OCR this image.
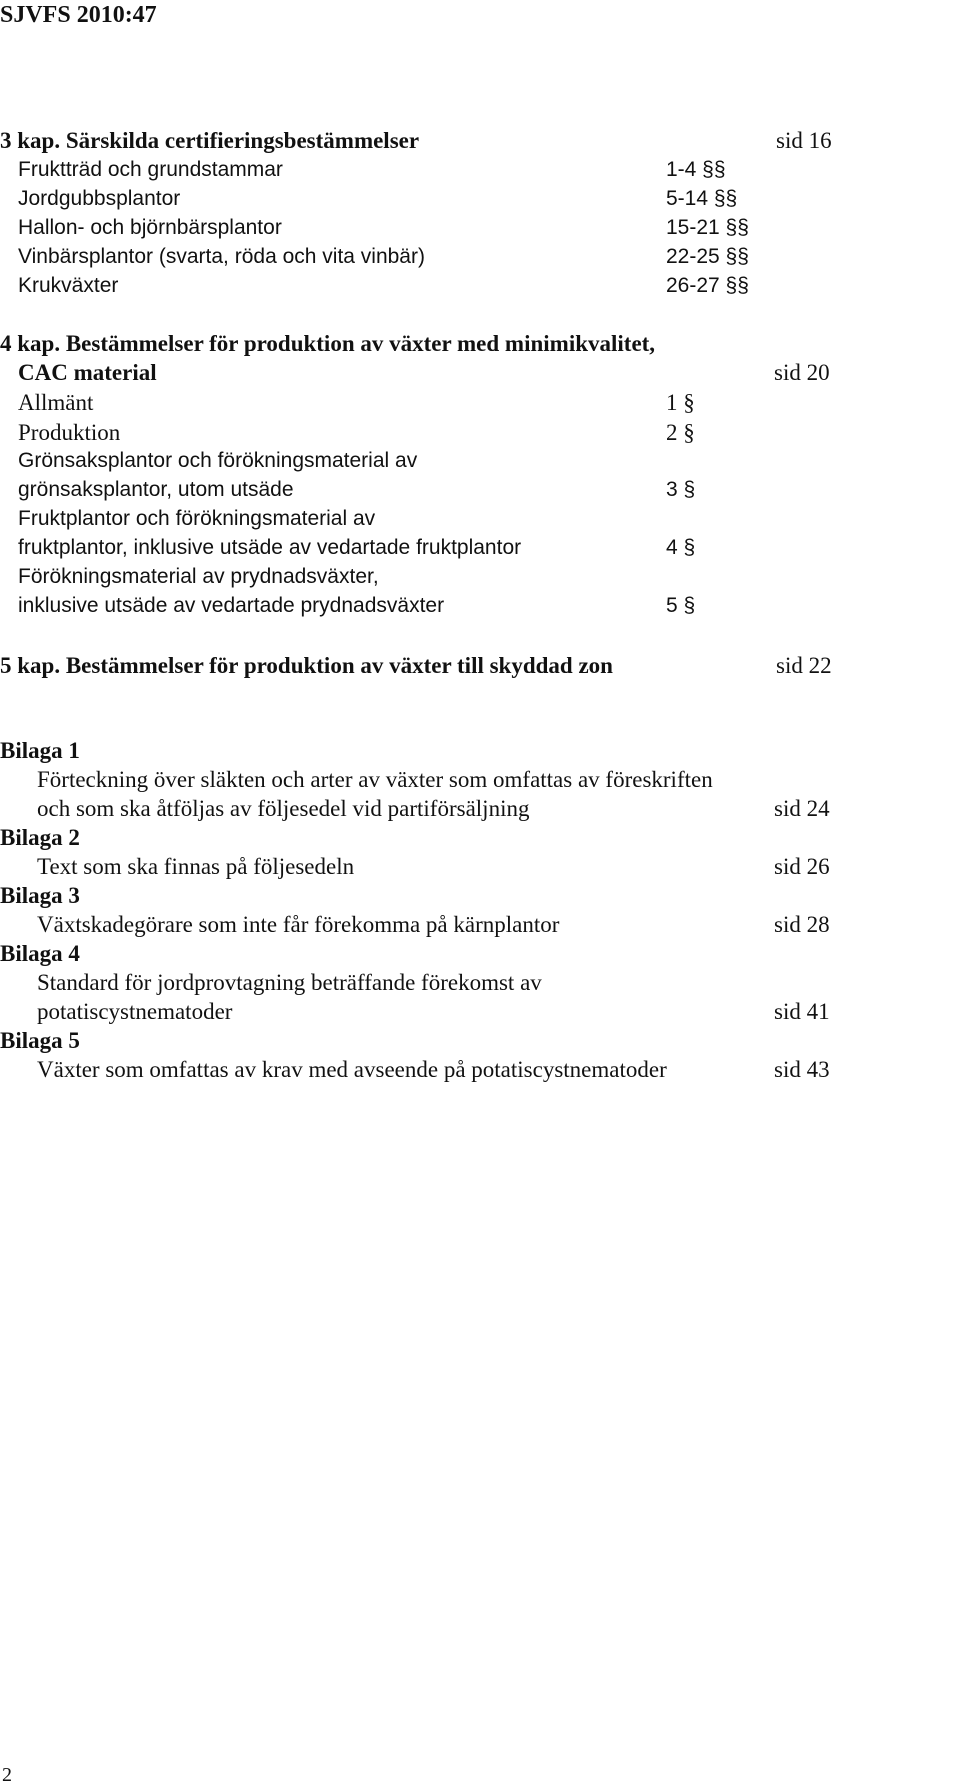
SJVFS 2010:47
3 kap. Särskilda certifieringsbestämmelser	sid 16
Fruktträd och grundstammar	1-4 §§
Jordgubbsplantor	5-14 §§
Hallon- och björnbärsplantor	15-21 §§
Vinbärsplantor (svarta, röda och vita vinbär)	22-25 §§
Krukväxter	26-27 §§
4 kap. Bestämmelser för produktion av växter med minimikvalitet,
CAC material	sid 20
Allmänt	1 §
Produktion	2 §
Grönsaksplantor och förökningsmaterial av
grönsaksplantor, utom utsäde	3 §
Fruktplantor och förökningsmaterial av
fruktplantor, inklusive utsäde av vedartade fruktplantor	4 §
Förökningsmaterial av prydnadsväxter,
inklusive utsäde av vedartade prydnadsväxter	5 §
5 kap. Bestämmelser för produktion av växter till skyddad zon	sid 22
Bilaga 1
Förteckning över släkten och arter av växter som omfattas av föreskriften
och som ska åtföljas av följesedel vid partiförsäljning	sid 24
Bilaga 2
Text som ska finnas på följesedeln	sid 26
Bilaga 3
Växtskadegörare som inte får förekomma på kärnplantor	sid 28
Bilaga 4
Standard för jordprovtagning beträffande förekomst av
potatiscystnematoder	sid 41
Bilaga 5
Växter som omfattas av krav med avseende på potatiscystnematoder	sid 43
2
